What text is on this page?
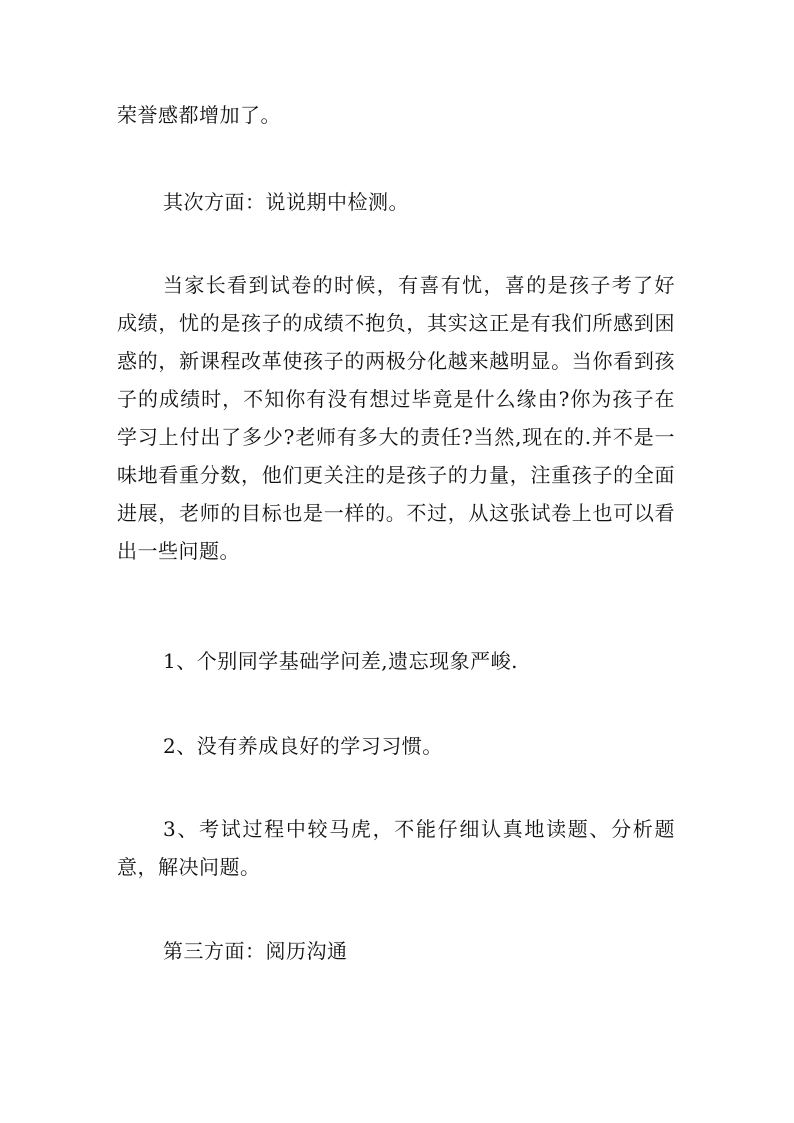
荣誉感都增加了。

其次方面：说说期中检测。

当家长看到试卷的时候，有喜有忧，喜的是孩子考了好成绩，忧的是孩子的成绩不抱负，其实这正是有我们所感到困惑的，新课程改革使孩子的两极分化越来越明显。当你看到孩子的成绩时，不知你有没有想过毕竟是什么缘由?你为孩子在学习上付出了多少?老师有多大的责任?当然,现在的.并不是一味地看重分数，他们更关注的是孩子的力量，注重孩子的全面进展，老师的目标也是一样的。不过，从这张试卷上也可以看出一些问题。

1、个别同学基础学问差,遗忘现象严峻.

2、没有养成良好的学习习惯。

3、考试过程中较马虎，不能仔细认真地读题、分析题意，解决问题。

第三方面：阅历沟通
